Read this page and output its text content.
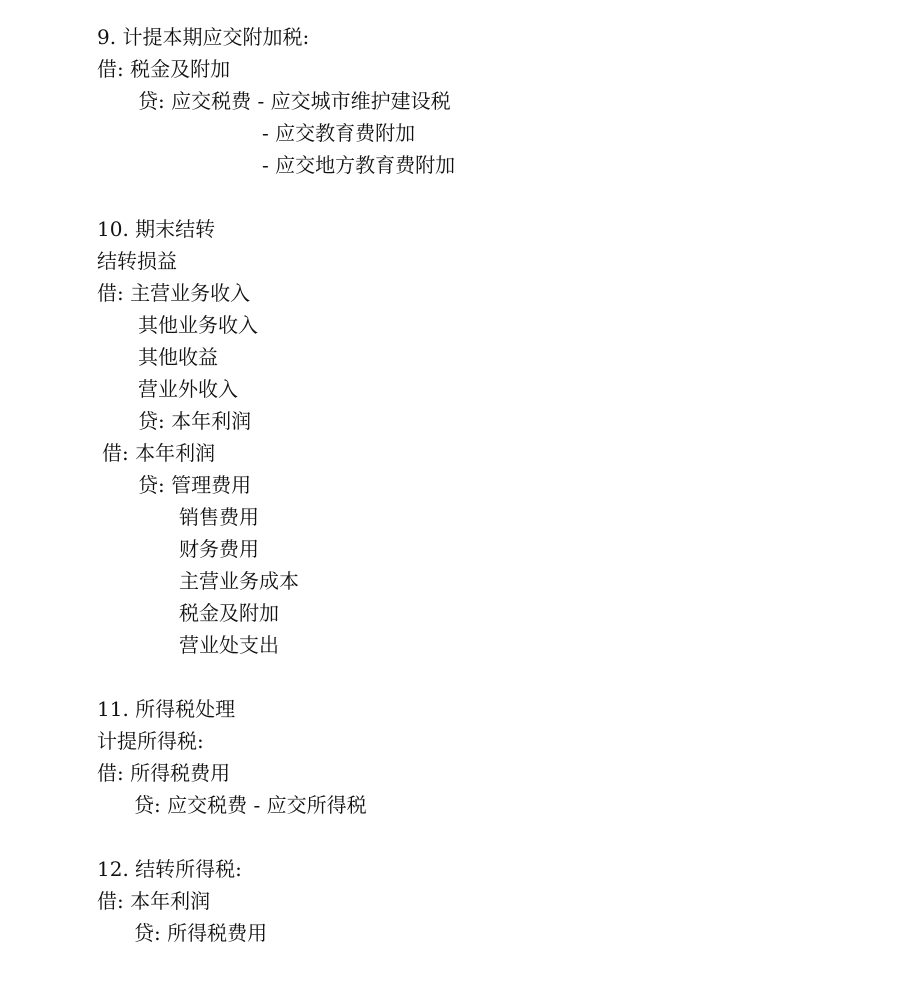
9. 计提本期应交附加税:
借: 税金及附加
贷: 应交税费 - 应交城市维护建设税
- 应交教育费附加
- 应交地方教育费附加
10. 期末结转
结转损益
借: 主营业务收入
其他业务收入
其他收益
营业外收入
贷: 本年利润
借: 本年利润
贷: 管理费用
销售费用
财务费用
主营业务成本
税金及附加
营业处支出
11. 所得税处理
计提所得税:
借: 所得税费用
贷: 应交税费 - 应交所得税
12. 结转所得税:
借: 本年利润
贷: 所得税费用
